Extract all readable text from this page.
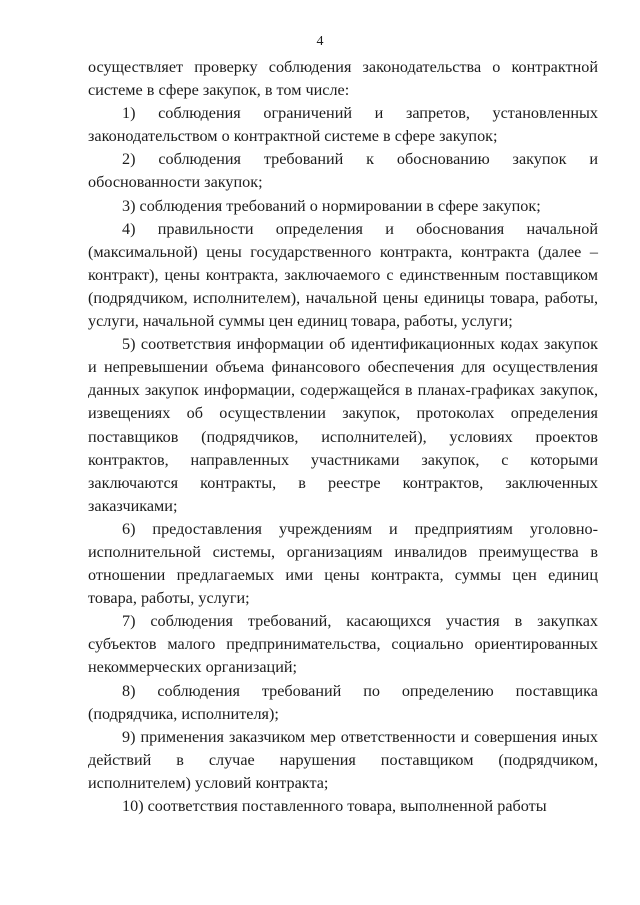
4

осуществляет проверку соблюдения законодательства о контрактной системе в сфере закупок, в том числе:

1) соблюдения ограничений и запретов, установленных законодательством о контрактной системе в сфере закупок;

2) соблюдения требований к обоснованию закупок и обоснованности закупок;

3) соблюдения требований о нормировании в сфере закупок;

4) правильности определения и обоснования начальной (максимальной) цены государственного контракта, контракта (далее – контракт), цены контракта, заключаемого с единственным поставщиком (подрядчиком, исполнителем), начальной цены единицы товара, работы, услуги, начальной суммы цен единиц товара, работы, услуги;

5) соответствия информации об идентификационных кодах закупок и непревышении объема финансового обеспечения для осуществления данных закупок информации, содержащейся в планах-графиках закупок, извещениях об осуществлении закупок, протоколах определения поставщиков (подрядчиков, исполнителей), условиях проектов контрактов, направленных участниками закупок, с которыми заключаются контракты, в реестре контрактов, заключенных заказчиками;

6) предоставления учреждениям и предприятиям уголовно-исполнительной системы, организациям инвалидов преимущества в отношении предлагаемых ими цены контракта, суммы цен единиц товара, работы, услуги;

7) соблюдения требований, касающихся участия в закупках субъектов малого предпринимательства, социально ориентированных некоммерческих организаций;

8) соблюдения требований по определению поставщика (подрядчика, исполнителя);

9) применения заказчиком мер ответственности и совершения иных действий в случае нарушения поставщиком (подрядчиком, исполнителем) условий контракта;

10) соответствия поставленного товара, выполненной работы
